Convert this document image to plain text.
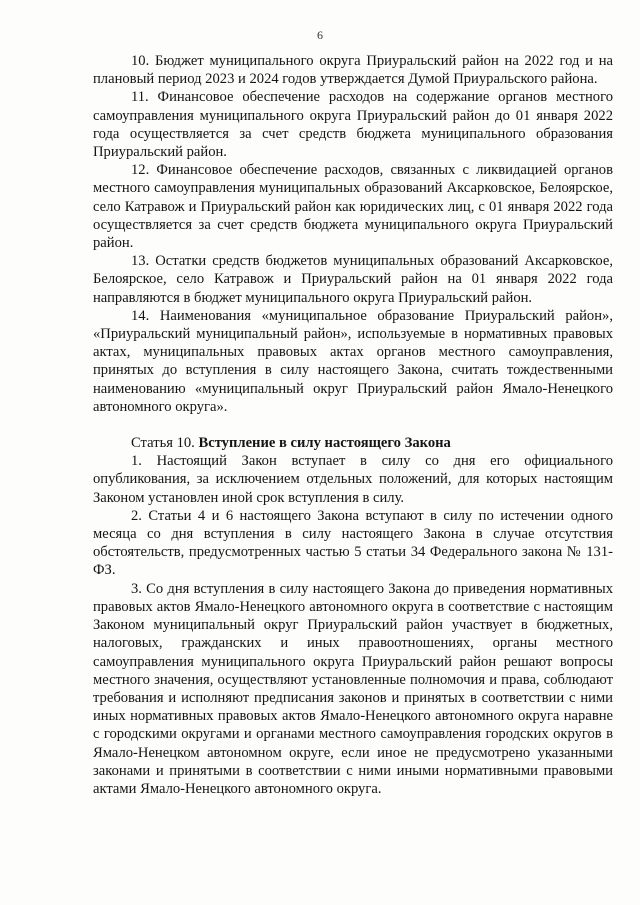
6

10. Бюджет муниципального округа Приуральский район на 2022 год и на плановый период 2023 и 2024 годов утверждается Думой Приуральского района.

11. Финансовое обеспечение расходов на содержание органов местного самоуправления муниципального округа Приуральский район до 01 января 2022 года осуществляется за счет средств бюджета муниципального образования Приуральский район.

12. Финансовое обеспечение расходов, связанных с ликвидацией органов местного самоуправления муниципальных образований Аксарковское, Белоярское, село Катравож и Приуральский район как юридических лиц, с 01 января 2022 года осуществляется за счет средств бюджета муниципального округа Приуральский район.

13. Остатки средств бюджетов муниципальных образований Аксарковское, Белоярское, село Катравож и Приуральский район на 01 января 2022 года направляются в бюджет муниципального округа Приуральский район.

14. Наименования «муниципальное образование Приуральский район», «Приуральский муниципальный район», используемые в нормативных правовых актах, муниципальных правовых актах органов местного самоуправления, принятых до вступления в силу настоящего Закона, считать тождественными наименованию «муниципальный округ Приуральский район Ямало-Ненецкого автономного округа».

Статья 10. Вступление в силу настоящего Закона

1. Настоящий Закон вступает в силу со дня его официального опубликования, за исключением отдельных положений, для которых настоящим Законом установлен иной срок вступления в силу.

2. Статьи 4 и 6 настоящего Закона вступают в силу по истечении одного месяца со дня вступления в силу настоящего Закона в случае отсутствия обстоятельств, предусмотренных частью 5 статьи 34 Федерального закона № 131-ФЗ.

3. Со дня вступления в силу настоящего Закона до приведения нормативных правовых актов Ямало-Ненецкого автономного округа в соответствие с настоящим Законом муниципальный округ Приуральский район участвует в бюджетных, налоговых, гражданских и иных правоотношениях, органы местного самоуправления муниципального округа Приуральский район решают вопросы местного значения, осуществляют установленные полномочия и права, соблюдают требования и исполняют предписания законов и принятых в соответствии с ними иных нормативных правовых актов Ямало-Ненецкого автономного округа наравне с городскими округами и органами местного самоуправления городских округов в Ямало-Ненецком автономном округе, если иное не предусмотрено указанными законами и принятыми в соответствии с ними иными нормативными правовыми актами Ямало-Ненецкого автономного округа.
